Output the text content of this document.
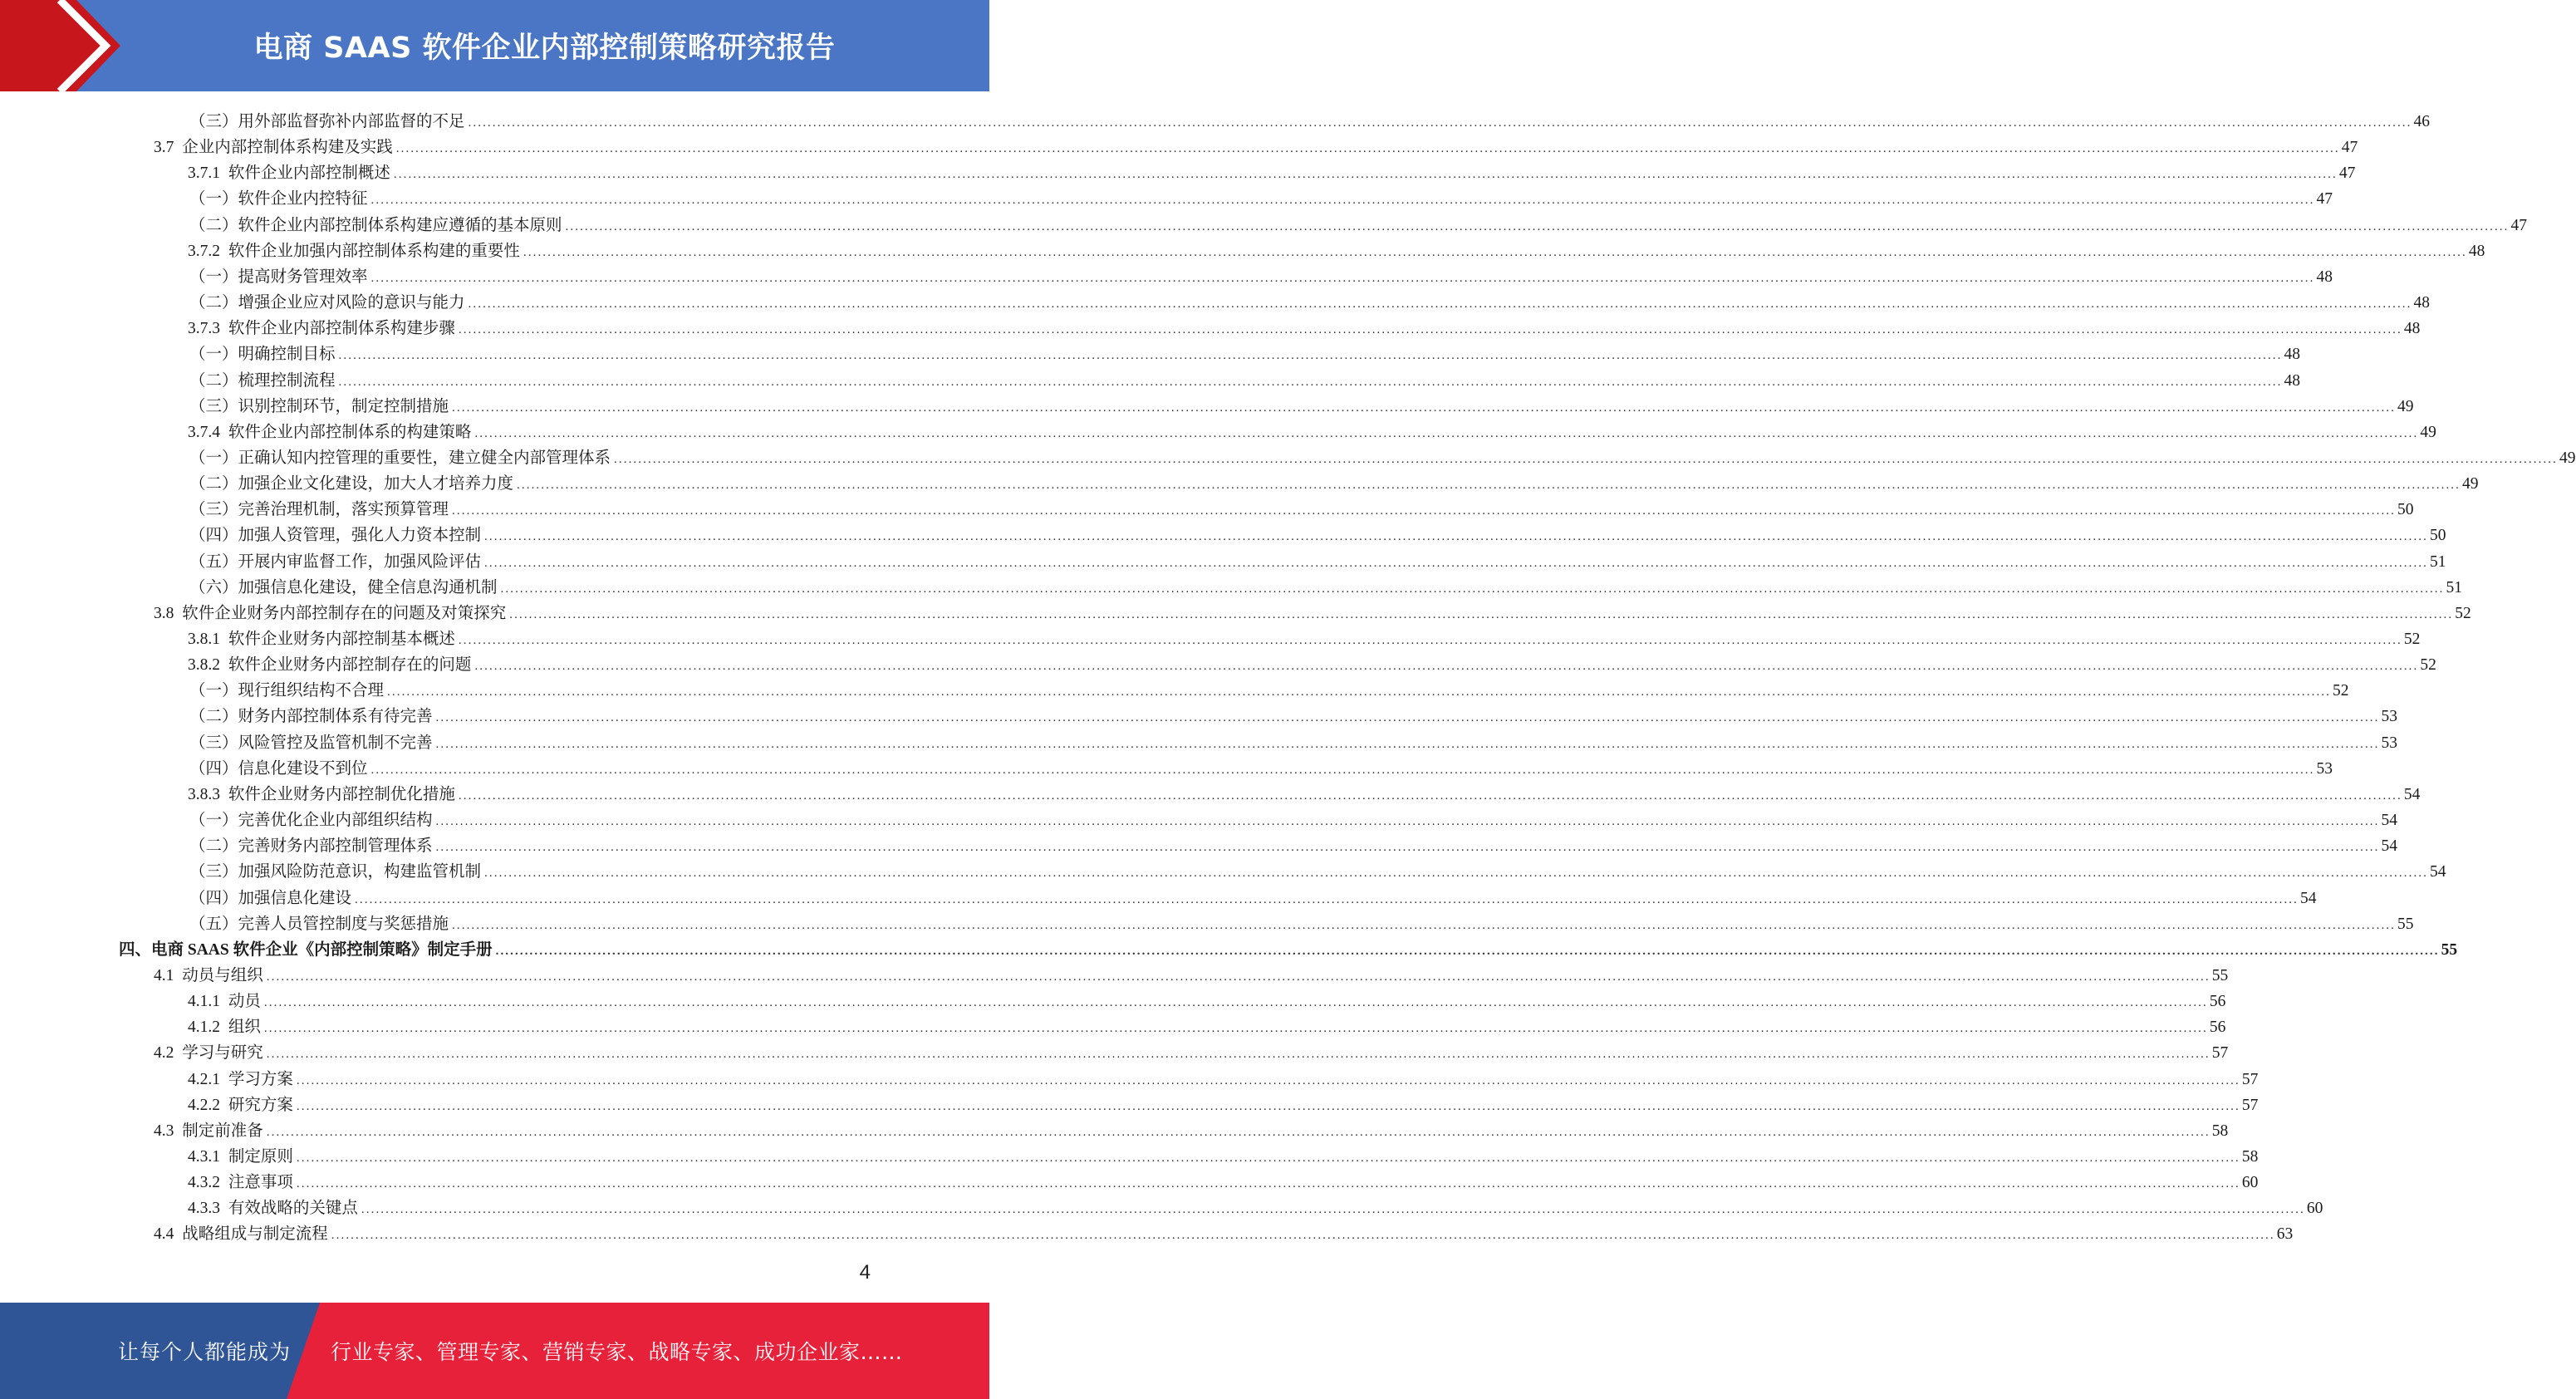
电商 SAAS 软件企业内部控制策略研究报告
（三）用外部监督弥补内部监督的不足 ................................................................................................................................................................................................................................................................................................................................................................................................................ 46
3.7 企业内部控制体系构建及实践 ................................................................................................................................................................................................................................................................................................................................................................................................................ 47
3.7.1 软件企业内部控制概述 ................................................................................................................................................................................................................................................................................................................................................................................................................ 47
（一）软件企业内控特征 ................................................................................................................................................................................................................................................................................................................................................................................................................ 47
（二）软件企业内部控制体系构建应遵循的基本原则 ................................................................................................................................................................................................................................................................................................................................................................................................................ 47
3.7.2 软件企业加强内部控制体系构建的重要性 ................................................................................................................................................................................................................................................................................................................................................................................................................ 48
（一）提高财务管理效率 ................................................................................................................................................................................................................................................................................................................................................................................................................ 48
（二）增强企业应对风险的意识与能力 ................................................................................................................................................................................................................................................................................................................................................................................................................ 48
3.7.3 软件企业内部控制体系构建步骤 ................................................................................................................................................................................................................................................................................................................................................................................................................ 48
（一）明确控制目标 ................................................................................................................................................................................................................................................................................................................................................................................................................ 48
（二）梳理控制流程 ................................................................................................................................................................................................................................................................................................................................................................................................................ 48
（三）识别控制环节，制定控制措施 ................................................................................................................................................................................................................................................................................................................................................................................................................ 49
3.7.4 软件企业内部控制体系的构建策略 ................................................................................................................................................................................................................................................................................................................................................................................................................ 49
（一）正确认知内控管理的重要性，建立健全内部管理体系 ................................................................................................................................................................................................................................................................................................................................................................................................................ 49
（二）加强企业文化建设，加大人才培养力度 ................................................................................................................................................................................................................................................................................................................................................................................................................ 49
（三）完善治理机制，落实预算管理 ................................................................................................................................................................................................................................................................................................................................................................................................................ 50
（四）加强人资管理，强化人力资本控制 ................................................................................................................................................................................................................................................................................................................................................................................................................ 50
（五）开展内审监督工作，加强风险评估 ................................................................................................................................................................................................................................................................................................................................................................................................................ 51
（六）加强信息化建设，健全信息沟通机制 ................................................................................................................................................................................................................................................................................................................................................................................................................ 51
3.8 软件企业财务内部控制存在的问题及对策探究 ................................................................................................................................................................................................................................................................................................................................................................................................................ 52
3.8.1 软件企业财务内部控制基本概述 ................................................................................................................................................................................................................................................................................................................................................................................................................ 52
3.8.2 软件企业财务内部控制存在的问题 ................................................................................................................................................................................................................................................................................................................................................................................................................ 52
（一）现行组织结构不合理 ................................................................................................................................................................................................................................................................................................................................................................................................................ 52
（二）财务内部控制体系有待完善 ................................................................................................................................................................................................................................................................................................................................................................................................................ 53
（三）风险管控及监管机制不完善 ................................................................................................................................................................................................................................................................................................................................................................................................................ 53
（四）信息化建设不到位 ................................................................................................................................................................................................................................................................................................................................................................................................................ 53
3.8.3 软件企业财务内部控制优化措施 ................................................................................................................................................................................................................................................................................................................................................................................................................ 54
（一）完善优化企业内部组织结构 ................................................................................................................................................................................................................................................................................................................................................................................................................ 54
（二）完善财务内部控制管理体系 ................................................................................................................................................................................................................................................................................................................................................................................................................ 54
（三）加强风险防范意识，构建监管机制 ................................................................................................................................................................................................................................................................................................................................................................................................................ 54
（四）加强信息化建设 ................................................................................................................................................................................................................................................................................................................................................................................................................ 54
（五）完善人员管控制度与奖惩措施 ................................................................................................................................................................................................................................................................................................................................................................................................................ 55
四、电商 SAAS 软件企业《内部控制策略》制定手册 ................................................................................................................................................................................................................................................................................................................................................................................................................ 55
4.1 动员与组织 ................................................................................................................................................................................................................................................................................................................................................................................................................ 55
4.1.1 动员 ................................................................................................................................................................................................................................................................................................................................................................................................................ 56
4.1.2 组织 ................................................................................................................................................................................................................................................................................................................................................................................................................ 56
4.2 学习与研究 ................................................................................................................................................................................................................................................................................................................................................................................................................ 57
4.2.1 学习方案 ................................................................................................................................................................................................................................................................................................................................................................................................................ 57
4.2.2 研究方案 ................................................................................................................................................................................................................................................................................................................................................................................................................ 57
4.3 制定前准备 ................................................................................................................................................................................................................................................................................................................................................................................................................ 58
4.3.1 制定原则 ................................................................................................................................................................................................................................................................................................................................................................................................................ 58
4.3.2 注意事项 ................................................................................................................................................................................................................................................................................................................................................................................................................ 60
4.3.3 有效战略的关键点 ................................................................................................................................................................................................................................................................................................................................................................................................................ 60
4.4 战略组成与制定流程 ................................................................................................................................................................................................................................................................................................................................................................................................................ 63
4
让每个人都能成为 行业专家、管理专家、营销专家、战略专家、成功企业家……
